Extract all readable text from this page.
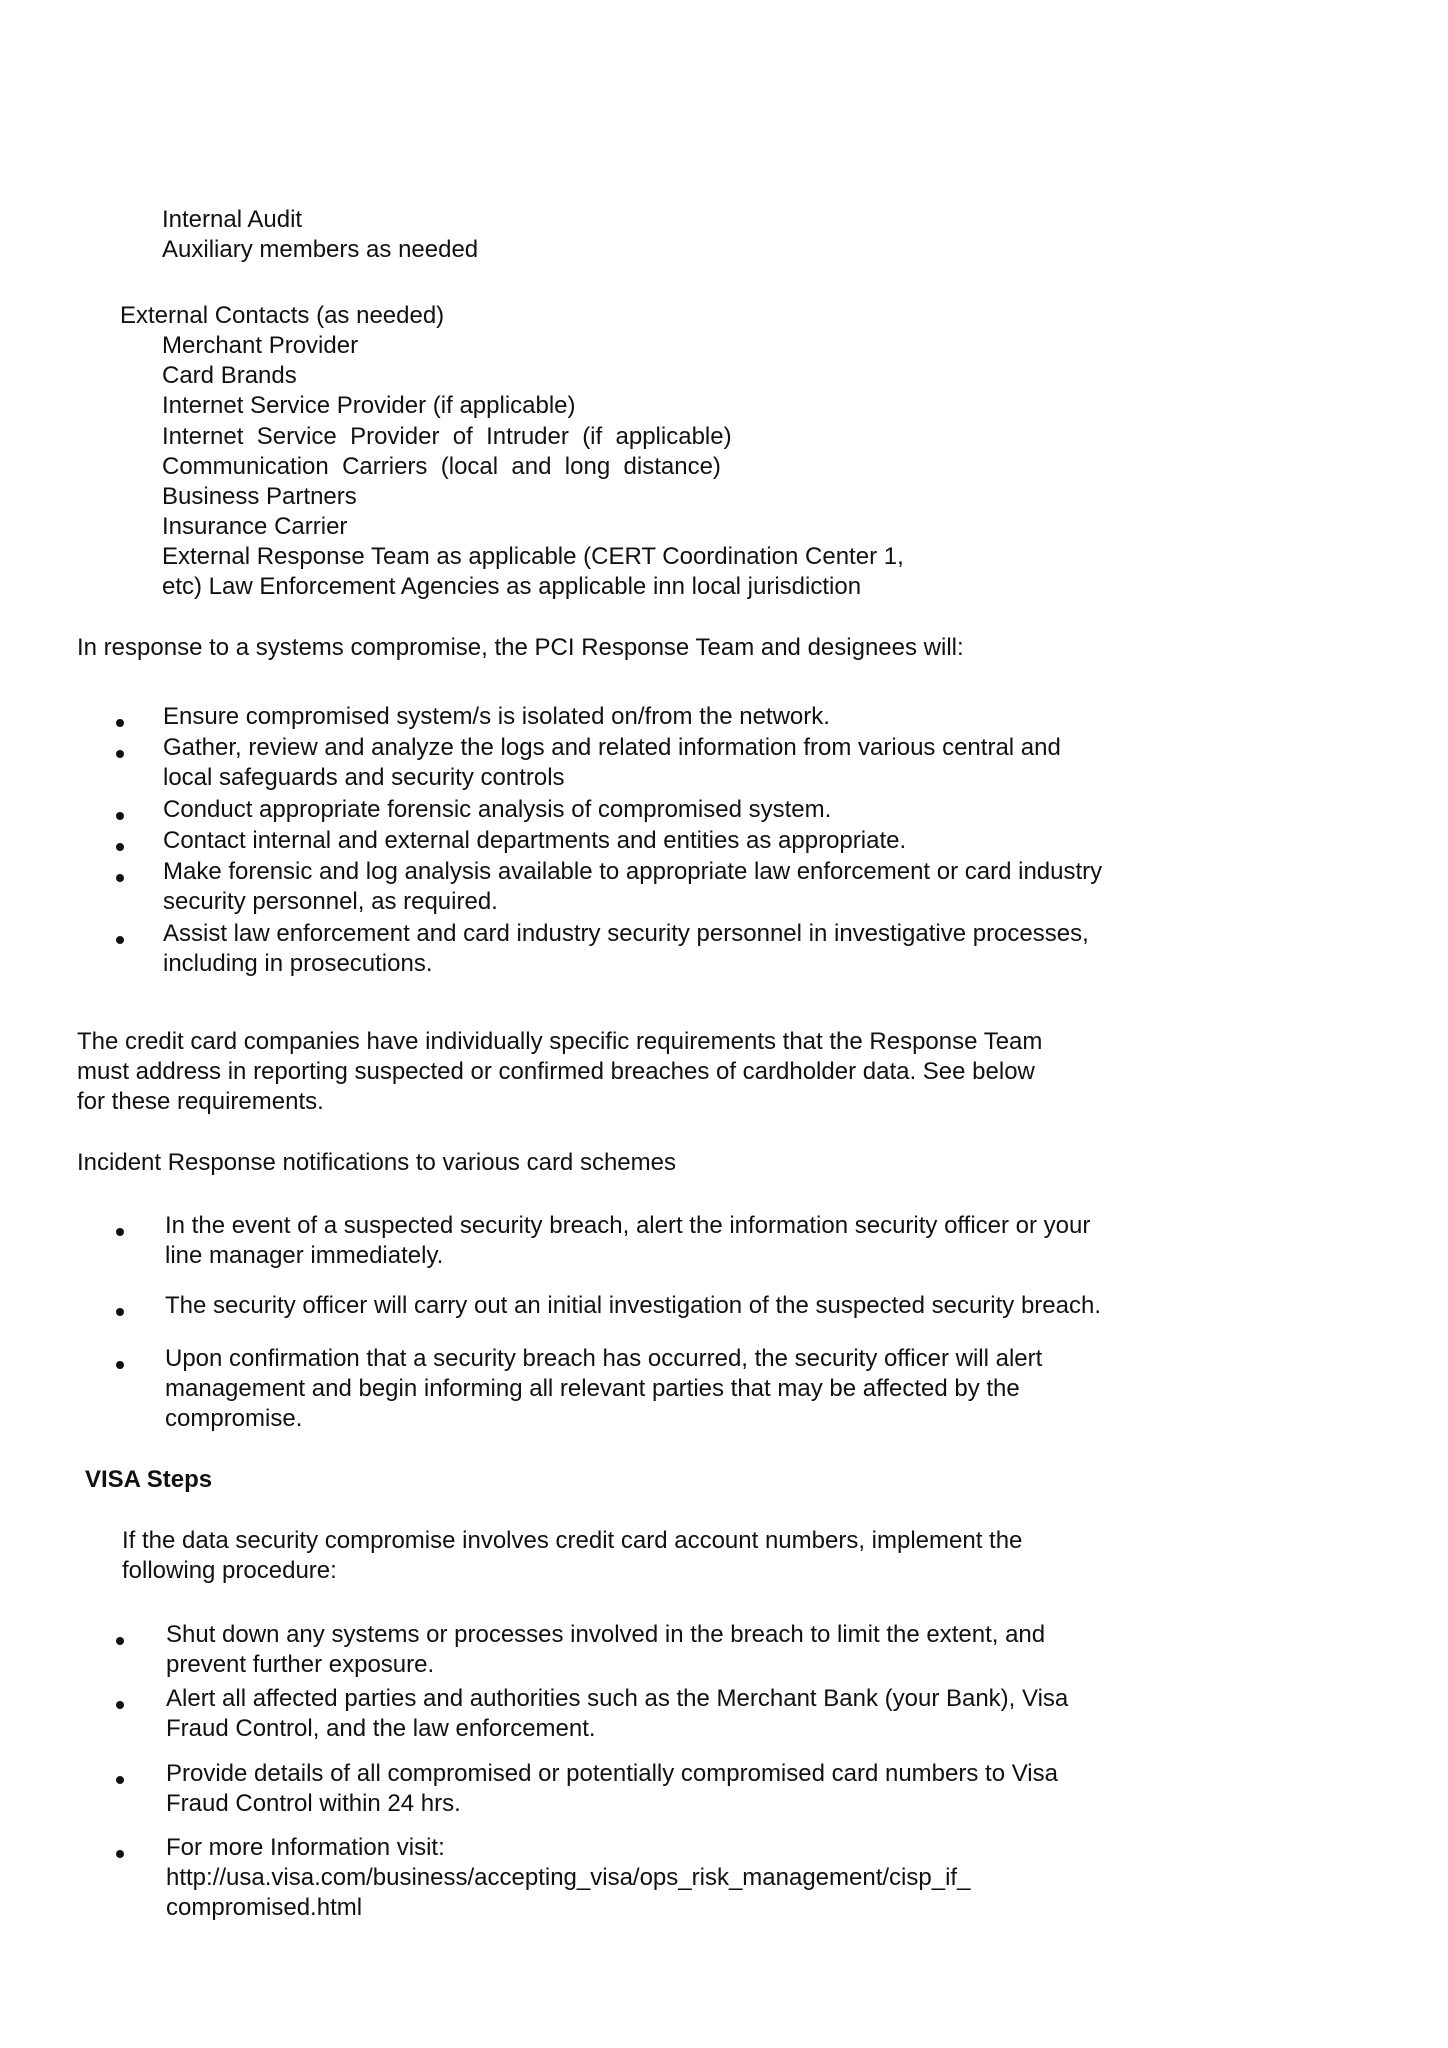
Internal Audit
Auxiliary members as needed
External Contacts (as needed)
Merchant Provider
Card Brands
Internet Service Provider (if applicable)
Internet  Service  Provider  of  Intruder  (if  applicable)
Communication  Carriers  (local  and  long  distance)
Business Partners
Insurance Carrier
External Response Team as applicable (CERT Coordination Center 1,
etc) Law Enforcement Agencies as applicable inn local jurisdiction
In response to a systems compromise, the PCI Response Team and designees will:
Ensure compromised system/s is isolated on/from the network.
Gather, review and analyze the logs and related information from various central and
local safeguards and security controls
Conduct appropriate forensic analysis of compromised system.
Contact internal and external departments and entities as appropriate.
Make forensic and log analysis available to appropriate law enforcement or card industry
security personnel, as required.
Assist law enforcement and card industry security personnel in investigative processes,
including in prosecutions.
The credit card companies have individually specific requirements that the Response Team
must address in reporting suspected or confirmed breaches of cardholder data. See below
for these requirements.
Incident Response notifications to various card schemes
In the event of a suspected security breach, alert the information security officer or your
line manager immediately.
The security officer will carry out an initial investigation of the suspected security breach.
Upon confirmation that a security breach has occurred, the security officer will alert
management and begin informing all relevant parties that may be affected by the
compromise.
VISA Steps
If the data security compromise involves credit card account numbers, implement the
following procedure:
Shut down any systems or processes involved in the breach to limit the extent, and
prevent further exposure.
Alert all affected parties and authorities such as the Merchant Bank (your Bank), Visa
Fraud Control, and the law enforcement.
Provide details of all compromised or potentially compromised card numbers to Visa
Fraud Control within 24 hrs.
For more Information visit:
http://usa.visa.com/business/accepting_visa/ops_risk_management/cisp_if_
compromised.html
